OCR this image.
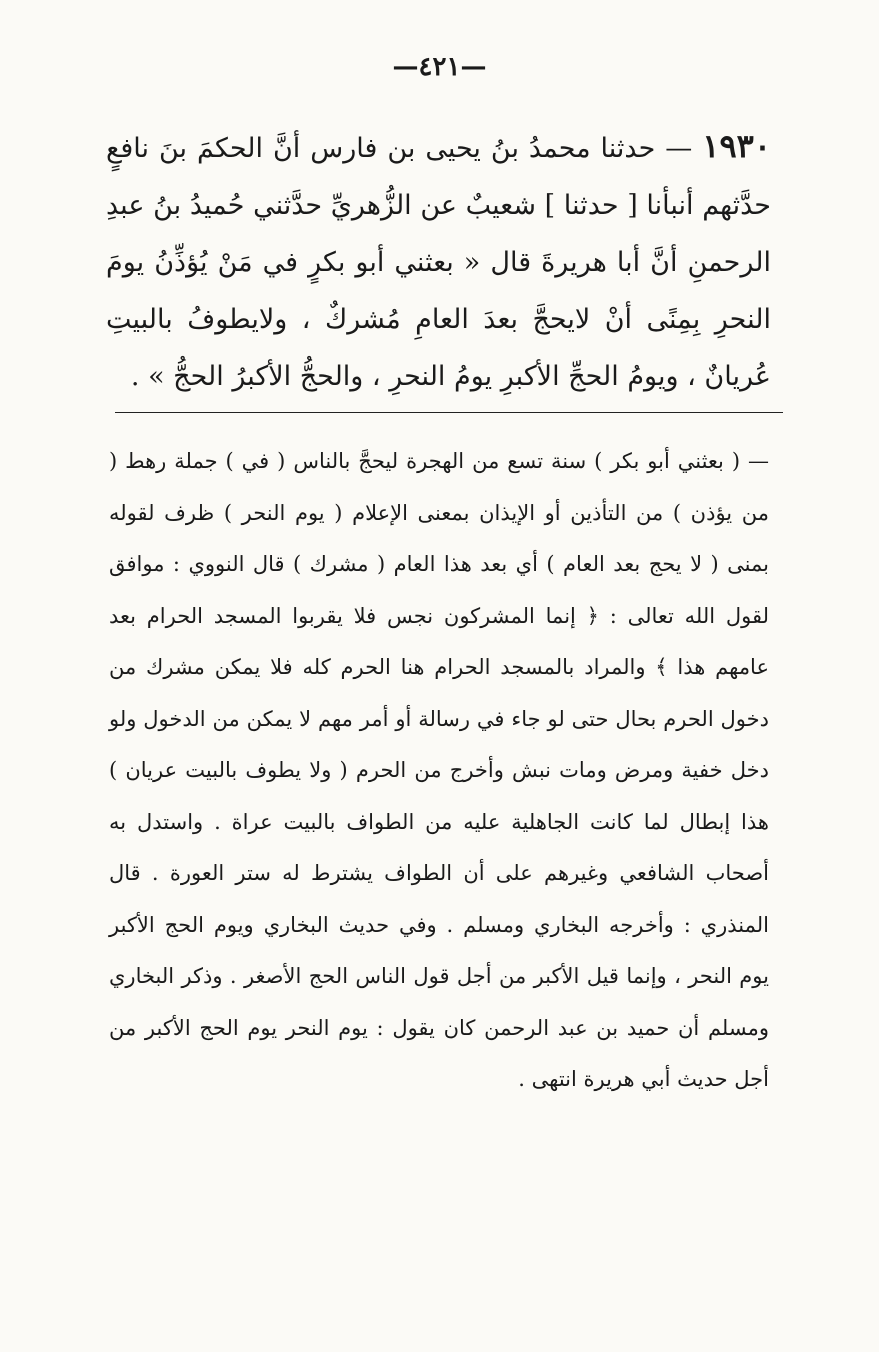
—٤٢١—
١٩٣٠— حدثنا محمدُ بنُ يحيى بن فارس أنَّ الحكمَ بنَ نافعٍ حدَّثهم أنبأنا [ حدثنا ] شعيبٌ عن الزُّهريِّ حدَّثني حُميدُ بنُ عبدِ الرحمنِ أنَّ أبا هريرةَ قال « بعثني أبو بكرٍ في مَنْ يُؤذِّنُ يومَ النحرِ بِمِنًى أنْ لايحجَّ بعدَ العامِ مُشركٌ ، ولايطوفُ بالبيتِ عُريانٌ ، ويومُ الحجِّ الأكبرِ يومُ النحرِ ، والحجُّ الأكبرُ الحجُّ » .
— ( بعثني أبو بكر ) سنة تسع من الهجرة ليحجَّ بالناس ( في ) جملة رهط ( من يؤذن ) من التأذين أو الإيذان بمعنى الإعلام ( يوم النحر ) ظرف لقوله بمنى ( لا يحج بعد العام ) أي بعد هذا العام ( مشرك ) قال النووي : موافق لقول الله تعالى : ﴿ إنما المشركون نجس فلا يقربوا المسجد الحرام بعد عامهم هذا ﴾ والمراد بالمسجد الحرام هنا الحرم كله فلا يمكن مشرك من دخول الحرم بحال حتى لو جاء في رسالة أو أمر مهم لا يمكن من الدخول ولو دخل خفية ومرض ومات نبش وأخرج من الحرم ( ولا يطوف بالبيت عريان ) هذا إبطال لما كانت الجاهلية عليه من الطواف بالبيت عراة . واستدل به أصحاب الشافعي وغيرهم على أن الطواف يشترط له ستر العورة . قال المنذري : وأخرجه البخاري ومسلم . وفي حديث البخاري ويوم الحج الأكبر يوم النحر ، وإنما قيل الأكبر من أجل قول الناس الحج الأصغر . وذكر البخاري ومسلم أن حميد بن عبد الرحمن كان يقول : يوم النحر يوم الحج الأكبر من أجل حديث أبي هريرة انتهى .
